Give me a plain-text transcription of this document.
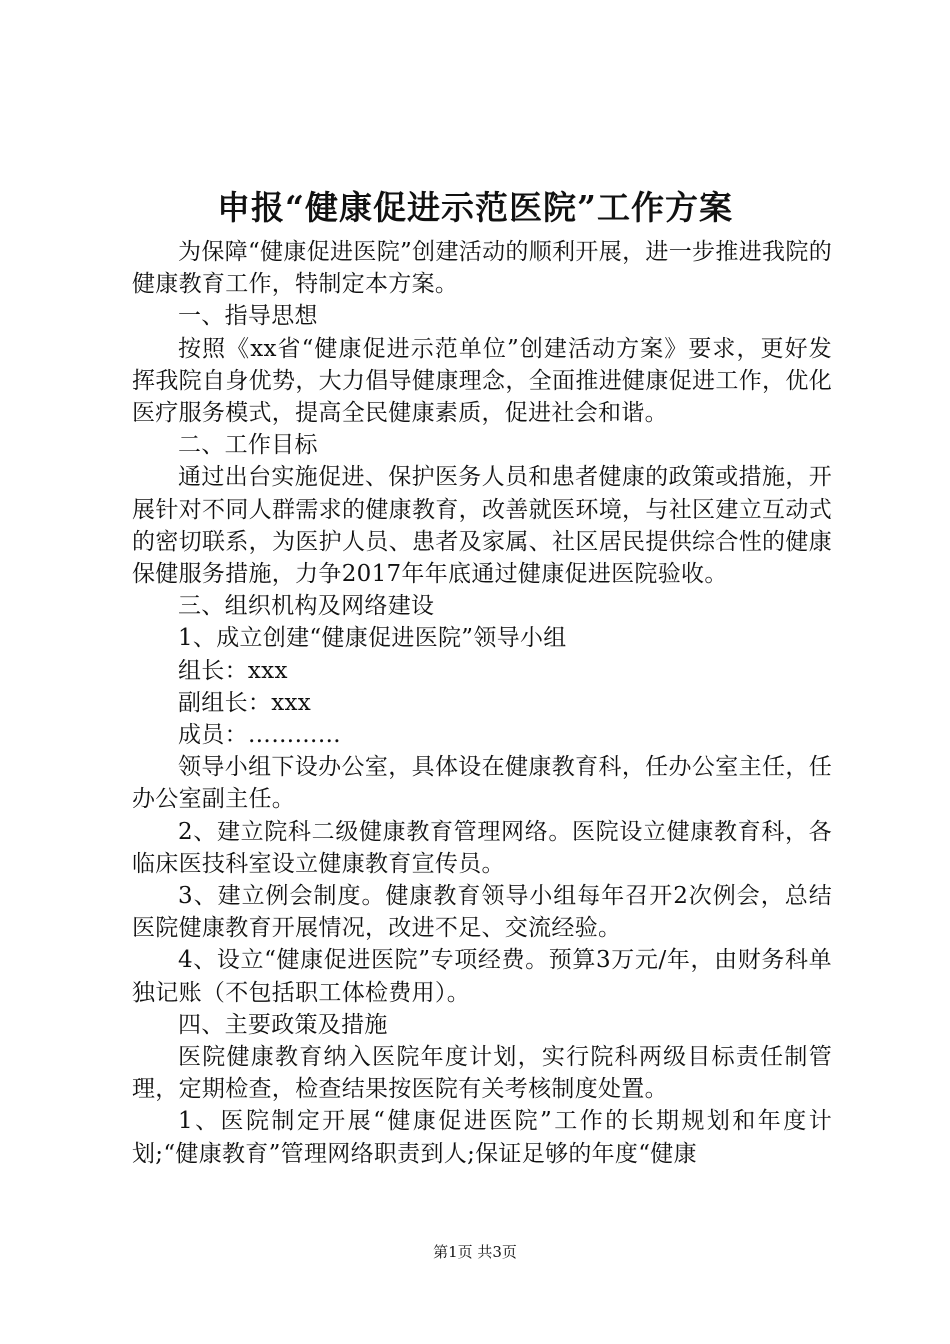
申报“健康促进示范医院”工作方案

为保障“健康促进医院”创建活动的顺利开展，进一步推进我院的健康教育工作，特制定本方案。

一、指导思想

按照《xx省“健康促进示范单位”创建活动方案》要求，更好发挥我院自身优势，大力倡导健康理念，全面推进健康促进工作，优化医疗服务模式，提高全民健康素质，促进社会和谐。

二、工作目标

通过出台实施促进、保护医务人员和患者健康的政策或措施，开展针对不同人群需求的健康教育，改善就医环境，与社区建立互动式的密切联系，为医护人员、患者及家属、社区居民提供综合性的健康保健服务措施，力争2017年年底通过健康促进医院验收。

三、组织机构及网络建设

1、成立创建“健康促进医院”领导小组

组长：xxx

副组长：xxx

成员：…………

领导小组下设办公室，具体设在健康教育科，任办公室主任，任办公室副主任。

2、建立院科二级健康教育管理网络。医院设立健康教育科，各临床医技科室设立健康教育宣传员。

3、建立例会制度。健康教育领导小组每年召开2次例会，总结医院健康教育开展情况，改进不足、交流经验。

4、设立“健康促进医院”专项经费。预算3万元/年，由财务科单独记账（不包括职工体检费用）。

四、主要政策及措施

医院健康教育纳入医院年度计划，实行院科两级目标责任制管理，定期检查，检查结果按医院有关考核制度处置。

1、医院制定开展“健康促进医院”工作的长期规划和年度计划;“健康教育”管理网络职责到人;保证足够的年度“健康

第1页 共3页
